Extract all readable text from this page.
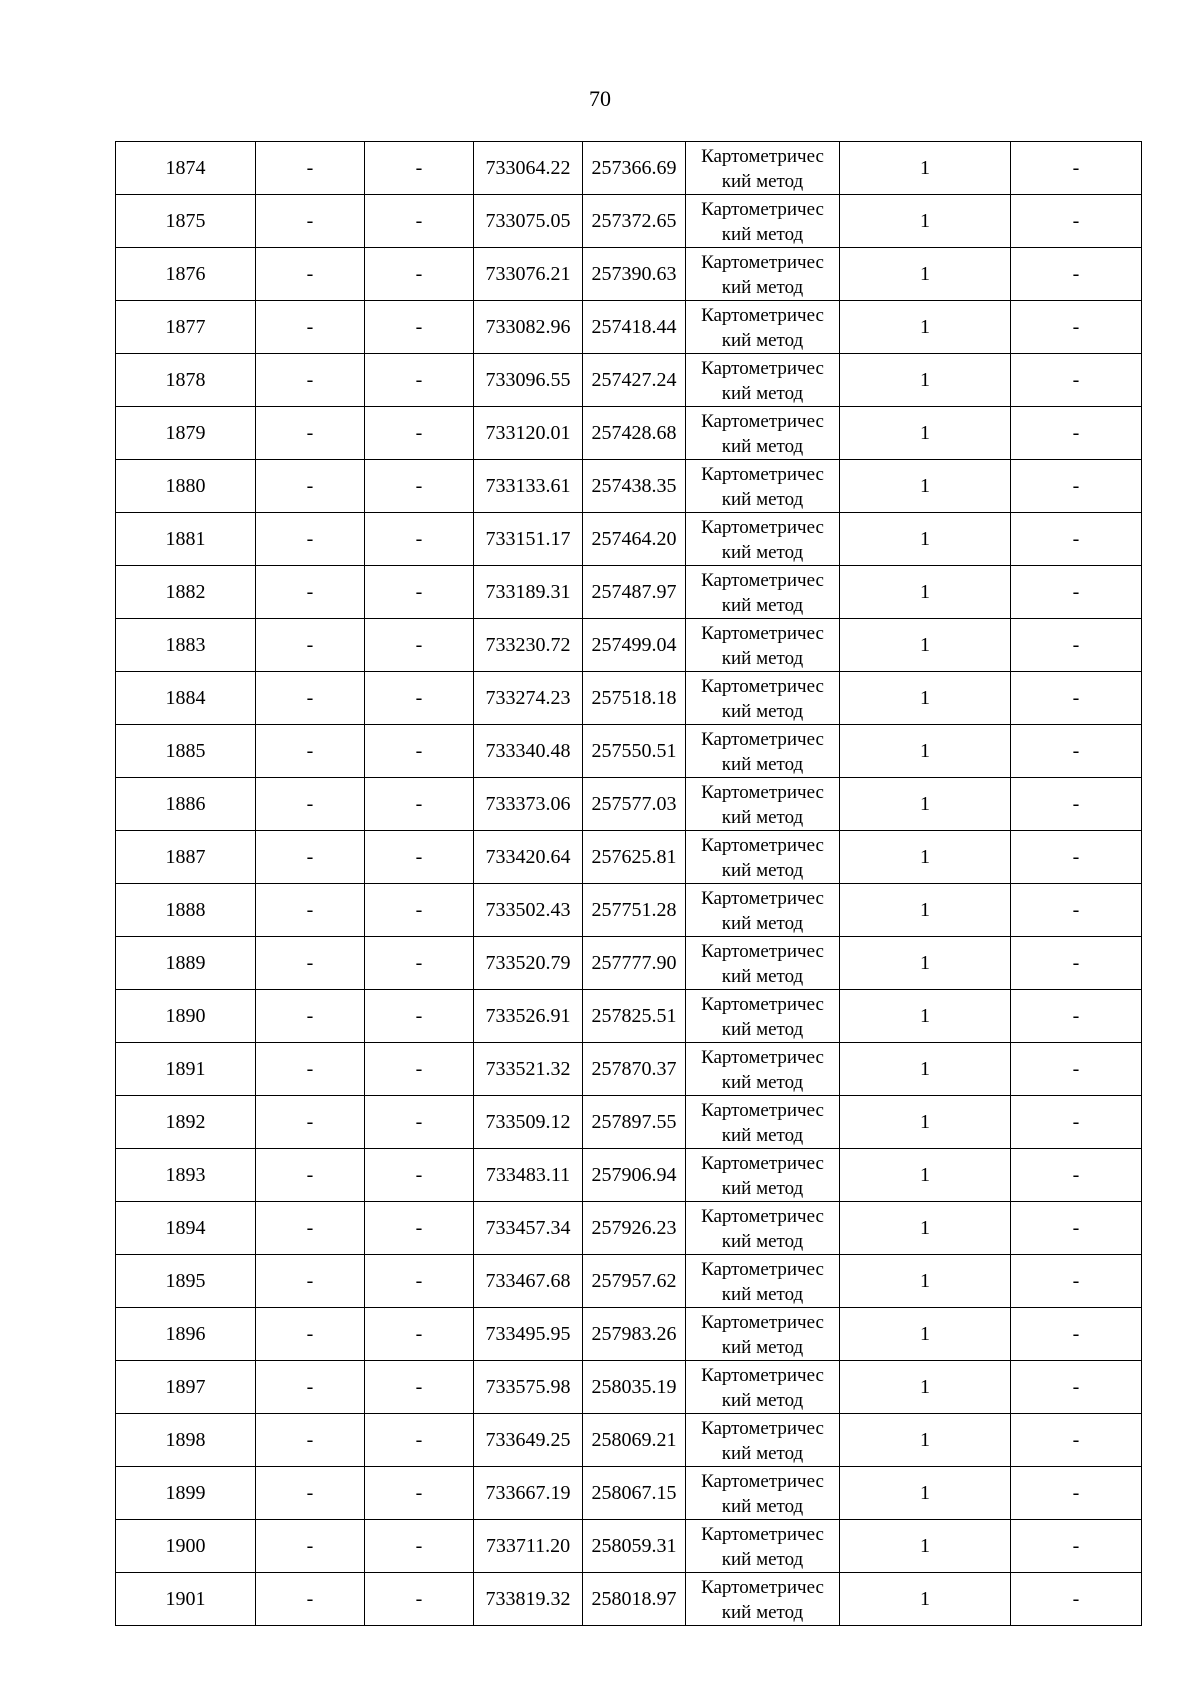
70
1874	-	-	733064.22	257366.69	Картометричес
кий метод	1	-
1875	-	-	733075.05	257372.65	Картометричес
кий метод	1	-
1876	-	-	733076.21	257390.63	Картометричес
кий метод	1	-
1877	-	-	733082.96	257418.44	Картометричес
кий метод	1	-
1878	-	-	733096.55	257427.24	Картометричес
кий метод	1	-
1879	-	-	733120.01	257428.68	Картометричес
кий метод	1	-
1880	-	-	733133.61	257438.35	Картометричес
кий метод	1	-
1881	-	-	733151.17	257464.20	Картометричес
кий метод	1	-
1882	-	-	733189.31	257487.97	Картометричес
кий метод	1	-
1883	-	-	733230.72	257499.04	Картометричес
кий метод	1	-
1884	-	-	733274.23	257518.18	Картометричес
кий метод	1	-
1885	-	-	733340.48	257550.51	Картометричес
кий метод	1	-
1886	-	-	733373.06	257577.03	Картометричес
кий метод	1	-
1887	-	-	733420.64	257625.81	Картометричес
кий метод	1	-
1888	-	-	733502.43	257751.28	Картометричес
кий метод	1	-
1889	-	-	733520.79	257777.90	Картометричес
кий метод	1	-
1890	-	-	733526.91	257825.51	Картометричес
кий метод	1	-
1891	-	-	733521.32	257870.37	Картометричес
кий метод	1	-
1892	-	-	733509.12	257897.55	Картометричес
кий метод	1	-
1893	-	-	733483.11	257906.94	Картометричес
кий метод	1	-
1894	-	-	733457.34	257926.23	Картометричес
кий метод	1	-
1895	-	-	733467.68	257957.62	Картометричес
кий метод	1	-
1896	-	-	733495.95	257983.26	Картометричес
кий метод	1	-
1897	-	-	733575.98	258035.19	Картометричес
кий метод	1	-
1898	-	-	733649.25	258069.21	Картометричес
кий метод	1	-
1899	-	-	733667.19	258067.15	Картометричес
кий метод	1	-
1900	-	-	733711.20	258059.31	Картометричес
кий метод	1	-
1901	-	-	733819.32	258018.97	Картометричес
кий метод	1	-
